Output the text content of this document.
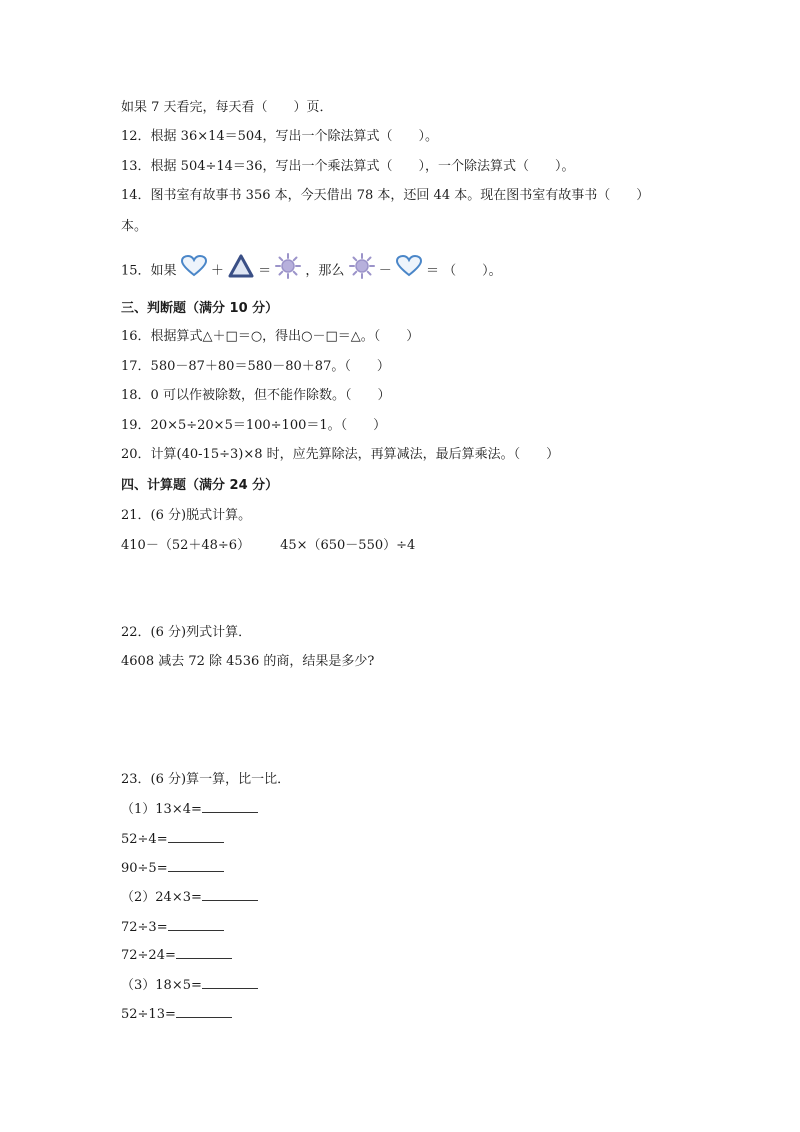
如果 7 天看完，每天看（　　）页．
12．根据 36×14＝504，写出一个除法算式（　　）。
13．根据 504÷14＝36，写出一个乘法算式（　　），一个除法算式（　　）。
14．图书室有故事书 356 本，今天借出 78 本，还回 44 本。现在图书室有故事书（　　）
本。
15．如果	＋	＝	，那么	－	＝ （　　）。
三、判断题（满分 10 分）
16．根据算式△＋□＝○，得出○－□＝△。（　　）
17．580－87＋80＝580－80＋87。（　　）
18．0 可以作被除数，但不能作除数。（　　）
19．20×5÷20×5＝100÷100＝1。（　　）
20．计算(40-15÷3)×8 时，应先算除法，再算减法，最后算乘法。（　　）
四、计算题（满分 24 分）
21．(6 分)脱式计算。
410－（52＋48÷6） 45×（650－550）÷4
22．(6 分)列式计算．
4608 减去 72 除 4536 的商，结果是多少?
23．(6 分)算一算，比一比．
（1）13×4=
52÷4=
90÷5=
（2）24×3=
72÷3=
72÷24=
（3）18×5=
52÷13=
